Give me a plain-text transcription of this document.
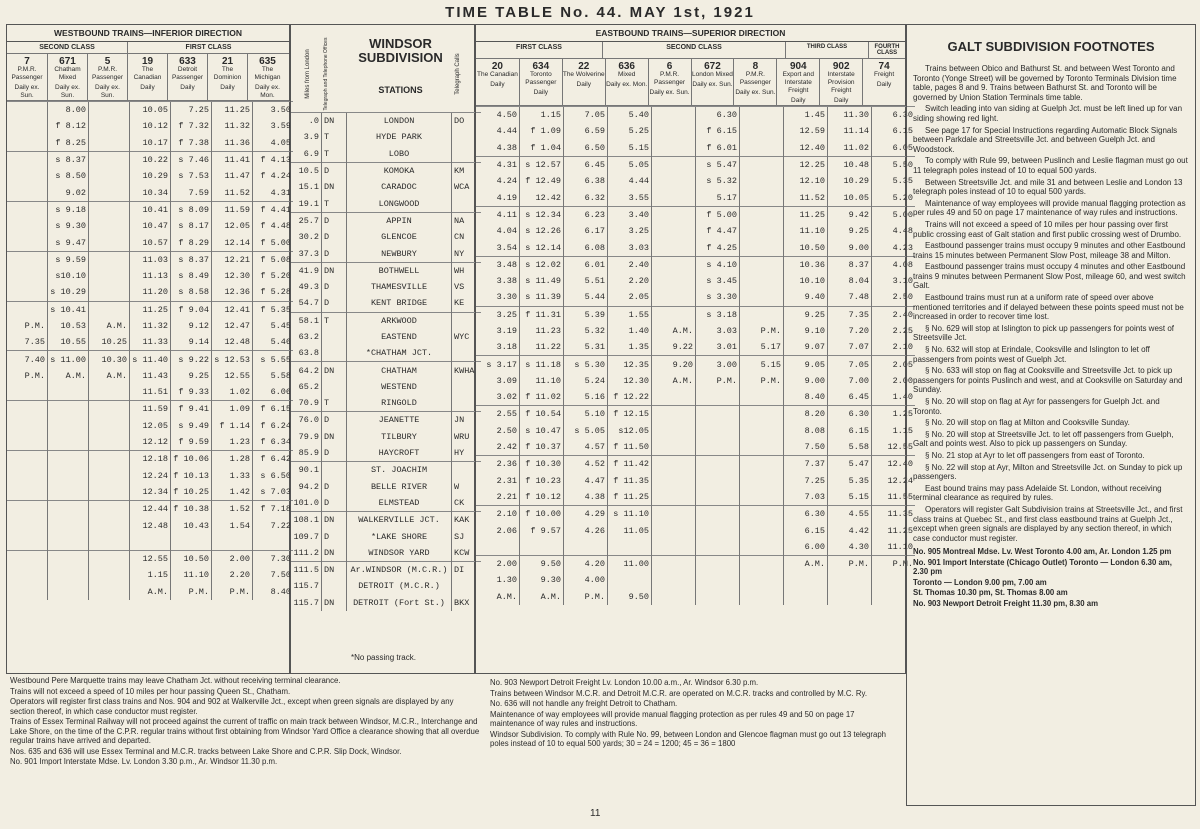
TIME TABLE No. 44. MAY 1st, 1921
WESTBOUND TRAINS—INFERIOR DIRECTION
SECOND CLASS	FIRST CLASS
7
P.M.R. Passenger
Daily ex. Sun.
671
Chatham Mixed
Daily ex. Sun.
5
P.M.R. Passenger
Daily ex. Sun.
19
The Canadian
Daily
633
Detroit Passenger
Daily
21
The Dominion
Daily
635
The Michigan
Daily ex. Mon.
	8.00		10.05	7.25	11.25	3.50
	f 8.12		10.12	f 7.32	11.32	3.59
	f 8.25		10.17	f 7.38	11.36	4.05
	s 8.37		10.22	s 7.46	11.41	f 4.13
	s 8.50		10.29	s 7.53	11.47	f 4.24
	9.02		10.34	7.59	11.52	4.31
	s 9.18		10.41	s 8.09	11.59	f 4.41
	s 9.30		10.47	s 8.17	12.05	f 4.48
	s 9.47		10.57	f 8.29	12.14	f 5.00
	s 9.59		11.03	s 8.37	12.21	f 5.08
	s10.10		11.13	s 8.49	12.30	f 5.20
	s 10.29		11.20	s 8.58	12.36	f 5.28
	s 10.41		11.25	f 9.04	12.41	f 5.35
P.M.	10.53	A.M.	11.32	9.12	12.47	5.45
7.35	10.55	10.25	11.33	9.14	12.48	5.46
7.40	s 11.00	10.30	s 11.40	s 9.22	s 12.53	s 5.55
P.M.	A.M.	A.M.	11.43	9.25	12.55	5.58
			11.51	f 9.33	1.02	6.06
			11.59	f 9.41	1.09	f 6.15
			12.05	s 9.49	f 1.14	f 6.24
			12.12	f 9.59	1.23	f 6.34
			12.18	f 10.06	1.28	f 6.42
			12.24	f 10.13	1.33	s 6.50
			12.34	f 10.25	1.42	s 7.03
			12.44	f 10.38	1.52	f 7.18
			12.48	10.43	1.54	7.22

			12.55	10.50	2.00	7.30
			1.15	11.10	2.20	7.50
			A.M.	P.M.	P.M.	8.40
WINDSOR SUBDIVISION
STATIONS
Miles from London Telegraph and Telephone Offices	Telegraph Calls
.0	DN	LONDON	DO
3.9	T	HYDE PARK	
6.9	T	LOBO	
10.5	D	KOMOKA	KM
15.1	DN	CARADOC	WCA
19.1	T	LONGWOOD	
25.7	D	APPIN	NA
30.2	D	GLENCOE	CN
37.3	D	NEWBURY	NY
41.9	DN	BOTHWELL	WH
49.3	D	THAMESVILLE	VS
54.7	D	KENT BRIDGE	KE
58.1	T	ARKWOOD	
63.2		EASTEND	WYC
63.8		*CHATHAM JCT.	
64.2	DN	CHATHAM	KWHA
65.2		WESTEND	
70.9	T	RINGOLD	
76.0	D	JEANETTE	JN
79.9	DN	TILBURY	WRU
85.9	D	HAYCROFT	HY
90.1		ST. JOACHIM	
94.2	D	BELLE RIVER	W
101.0	D	ELMSTEAD	CK
108.1	DN	WALKERVILLE JCT.	KAK
109.7	D	*LAKE SHORE	SJ
111.2	DN	WINDSOR YARD	KCW
111.5	DN	Ar.WINDSOR (M.C.R.)	DI
115.7		DETROIT (M.C.R.)	
115.7	DN	DETROIT (Fort St.)	BKX
*No passing track.
EASTBOUND TRAINS—SUPERIOR DIRECTION
FIRST CLASS	SECOND CLASS	THIRD CLASS	FOURTH CLASS
20
The Canadian
Daily
634
Toronto Passenger
Daily
22
The Wolverine
Daily
636
Mixed
Daily ex. Mon.
6
P.M.R. Passenger
Daily ex. Sun.
672
London Mixed
Daily ex. Sun.
8
P.M.R. Passenger
Daily ex. Sun.
904
Export and Interstate Freight
Daily
902
Interstate Provision Freight
Daily
74
Freight
Daily
4.50	1.15	7.05	5.40		6.30		1.45	11.30	6.30
4.44	f 1.09	6.59	5.25		f 6.15		12.59	11.14	6.15
4.38	f 1.04	6.50	5.15		f 6.01		12.40	11.02	6.05
4.31	s 12.57	6.45	5.05		s 5.47		12.25	10.48	5.50
4.24	f 12.49	6.38	4.44		s 5.32		12.10	10.29	5.35
4.19	12.42	6.32	3.55		5.17		11.52	10.05	5.20
4.11	s 12.34	6.23	3.40		f 5.00		11.25	9.42	5.00
4.04	s 12.26	6.17	3.25		f 4.47		11.10	9.25	4.48
3.54	s 12.14	6.08	3.03		f 4.25		10.50	9.00	4.23
3.48	s 12.02	6.01	2.40		s 4.10		10.36	8.37	4.08
3.38	s 11.49	5.51	2.20		s 3.45		10.10	8.04	3.10
3.30	s 11.39	5.44	2.05		s 3.30		9.40	7.48	2.50
3.25	f 11.31	5.39	1.55		s 3.18		9.25	7.35	2.40
3.19	11.23	5.32	1.40	A.M.	3.03	P.M.	9.10	7.20	2.25
3.18	11.22	5.31	1.35	9.22	3.01	5.17	9.07	7.07	2.10
s 3.17	s 11.18	s 5.30	12.35	9.20	3.00	5.15	9.05	7.05	2.05
3.09	11.10	5.24	12.30	A.M.	P.M.	P.M.	9.00	7.00	2.00
3.02	f 11.02	5.16	f 12.22				8.40	6.45	1.40
2.55	f 10.54	5.10	f 12.15				8.20	6.30	1.25
2.50	s 10.47	s 5.05	s12.05				8.08	6.15	1.15
2.42	f 10.37	4.57	f 11.50				7.50	5.58	12.55
2.36	f 10.30	4.52	f 11.42				7.37	5.47	12.40
2.31	f 10.23	4.47	f 11.35				7.25	5.35	12.24
2.21	f 10.12	4.38	f 11.25				7.03	5.15	11.55
2.10	f 10.00	4.29	s 11.10				6.30	4.55	11.35
2.06	f 9.57	4.26	11.05				6.15	4.42	11.25
							6.00	4.30	11.10
2.00	9.50	4.20	11.00				A.M.	P.M.	P.M.
1.30	9.30	4.00							
A.M.	A.M.	P.M.	9.50						
GALT SUBDIVISION FOOTNOTES

Trains between Obico and Bathurst St. and between West Toronto and Toronto (Yonge Street) will be governed by Toronto Terminals Division time table, pages 8 and 9. Trains between Bathurst St. and Toronto will be governed by Union Station Terminals time table.

Switch leading into van siding at Guelph Jct. must be left lined up for van siding showing red light.

See page 17 for Special Instructions regarding Automatic Block Signals between Parkdale and Streetsville Jct. and between Guelph Jct. and Woodstock.

To comply with Rule 99, between Puslinch and Leslie flagman must go out 11 telegraph poles instead of 10 to equal 500 yards.

Between Streetsville Jct. and mile 31 and between Leslie and London 13 telegraph poles instead of 10 to equal 500 yards.

Maintenance of way employees will provide manual flagging protection as per rules 49 and 50 on page 17 maintenance of way rules and instructions.

Trains will not exceed a speed of 10 miles per hour passing over first public crossing east of Galt station and first public crossing west of Drumbo.

Eastbound passenger trains must occupy 9 minutes and other Eastbound trains 15 minutes between Permanent Slow Post, mileage 38 and Milton.

Eastbound passenger trains must occupy 4 minutes and other Eastbound trains 9 minutes between Permanent Slow Post, mileage 60, and west switch Galt.

Eastbound trains must run at a uniform rate of speed over above mentioned territories and if delayed between these points speed must not be increased in order to recover time lost.

§ No. 629 will stop at Islington to pick up passengers for points west of Streetsville Jct.

§ No. 632 will stop at Erindale, Cooksville and Islington to let off passengers from points west of Guelph Jct.

§ No. 633 will stop on flag at Cooksville and Streetsville Jct. to pick up passengers for points Puslinch and west, and at Cooksville on Saturday and Sunday.

§ No. 20 will stop on flag at Ayr for passengers for Guelph Jct. and Toronto.

§ No. 20 will stop on flag at Milton and Cooksville Sunday.

§ No. 20 will stop at Streetsville Jct. to let off passengers from Guelph, Galt and points west. Also to pick up passengers on Sunday.

§ No. 21 stop at Ayr to let off passengers from east of Toronto.

§ No. 22 will stop at Ayr, Milton and Streetsville Jct. on Sunday to pick up passengers.

East bound trains may pass Adelaide St. London, without receiving terminal clearance as required by rules.

Operators will register Galt Subdivision trains at Streetsville Jct., and first class trains at Quebec St., and first class eastbound trains at Guelph Jct., except when green signals are displayed by any section thereof, in which case conductor must register.

No. 905 Montreal Mdse. Lv. West Toronto 4.00 am, Ar. London 1.25 pm

No. 901 Import Interstate (Chicago Outlet) Toronto — London 6.30 am, 2.30 pm

Toronto — London 9.00 pm, 7.00 am

St. Thomas 10.30 pm, St. Thomas 8.00 am

No. 903 Newport Detroit Freight 11.30 pm, 8.30 am

Westbound Pere Marquette trains may leave Chatham Jct. without receiving terminal clearance.

Trains will not exceed a speed of 10 miles per hour passing Queen St., Chatham.

Operators will register first class trains and Nos. 904 and 902 at Walkerville Jct., except when green signals are displayed by any section thereof, in which case conductor must register.

Trains of Essex Terminal Railway will not proceed against the current of traffic on main track between Windsor, M.C.R., Interchange and Lake Shore, on the time of the C.P.R. regular trains without first obtaining from Windsor Yard Office a clearance showing that all overdue regular trains have arrived and departed.

Nos. 635 and 636 will use Essex Terminal and M.C.R. tracks between Lake Shore and C.P.R. Slip Dock, Windsor.

No. 901 Import Interstate Mdse. Lv. London 3.30 p.m., Ar. Windsor 11.30 p.m.

No. 903 Newport Detroit Freight Lv. London 10.00 a.m., Ar. Windsor 6.30 p.m.

Trains between Windsor M.C.R. and Detroit M.C.R. are operated on M.C.R. tracks and controlled by M.C. Ry.

No. 636 will not handle any freight Detroit to Chatham.

Maintenance of way employees will provide manual flagging protection as per rules 49 and 50 on page 17 maintenance of way rules and instructions.

Windsor Subdivision. To comply with Rule No. 99, between London and Glencoe flagman must go out 13 telegraph poles instead of 10 to equal 500 yards; 30 = 24 = 1200; 45 = 36 = 1800

11
